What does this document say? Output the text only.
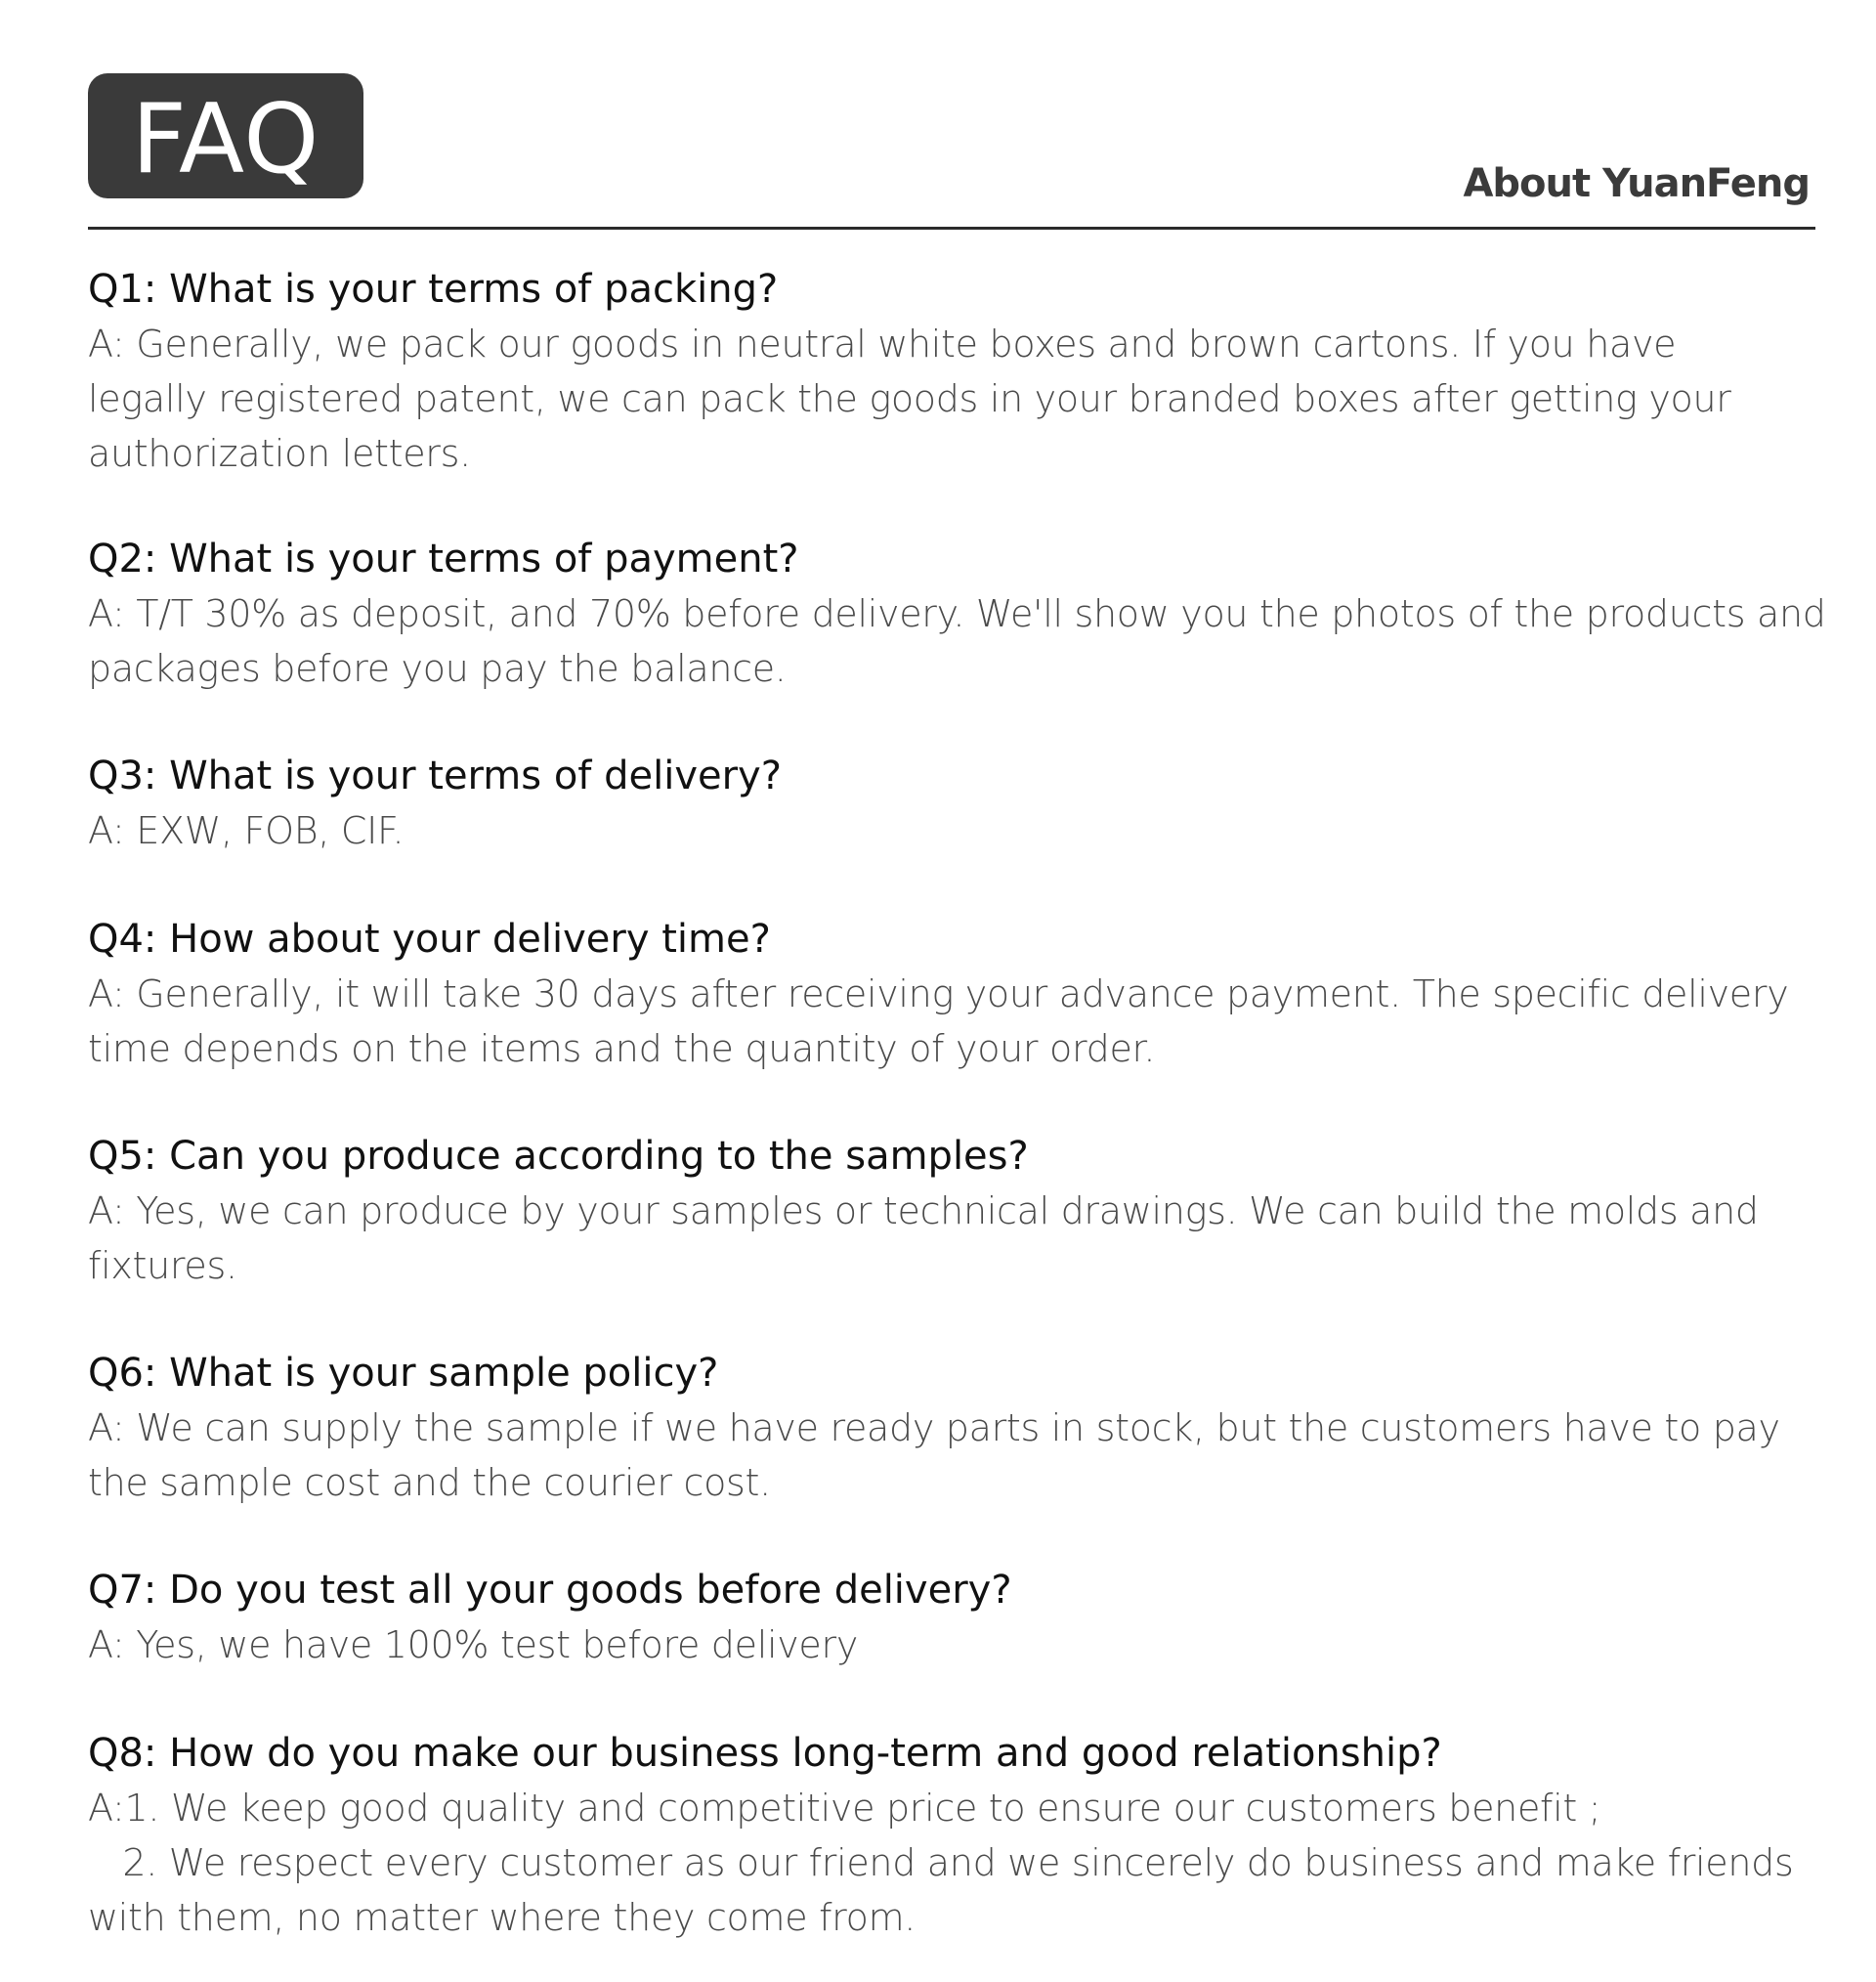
FAQ	About YuanFeng
Q1: What is your terms of packing?
A: Generally, we pack our goods in neutral white boxes and brown cartons. If you have
legally registered patent, we can pack the goods in your branded boxes after getting your
authorization letters.
Q2: What is your terms of payment?
A: T/T 30% as deposit, and 70% before delivery. We'll show you the photos of the products and
packages before you pay the balance.
Q3: What is your terms of delivery?
A: EXW, FOB, CIF.
Q4: How about your delivery time?
A: Generally, it will take 30 days after receiving your advance payment. The specific delivery
time depends on the items and the quantity of your order.
Q5: Can you produce according to the samples?
A: Yes, we can produce by your samples or technical drawings. We can build the molds and
fixtures.
Q6: What is your sample policy?
A: We can supply the sample if we have ready parts in stock, but the customers have to pay
the sample cost and the courier cost.
Q7: Do you test all your goods before delivery?
A: Yes, we have 100% test before delivery
Q8: How do you make our business long-term and good relationship?
A:1. We keep good quality and competitive price to ensure our customers benefit ;
2. We respect every customer as our friend and we sincerely do business and make friends
with them, no matter where they come from.
